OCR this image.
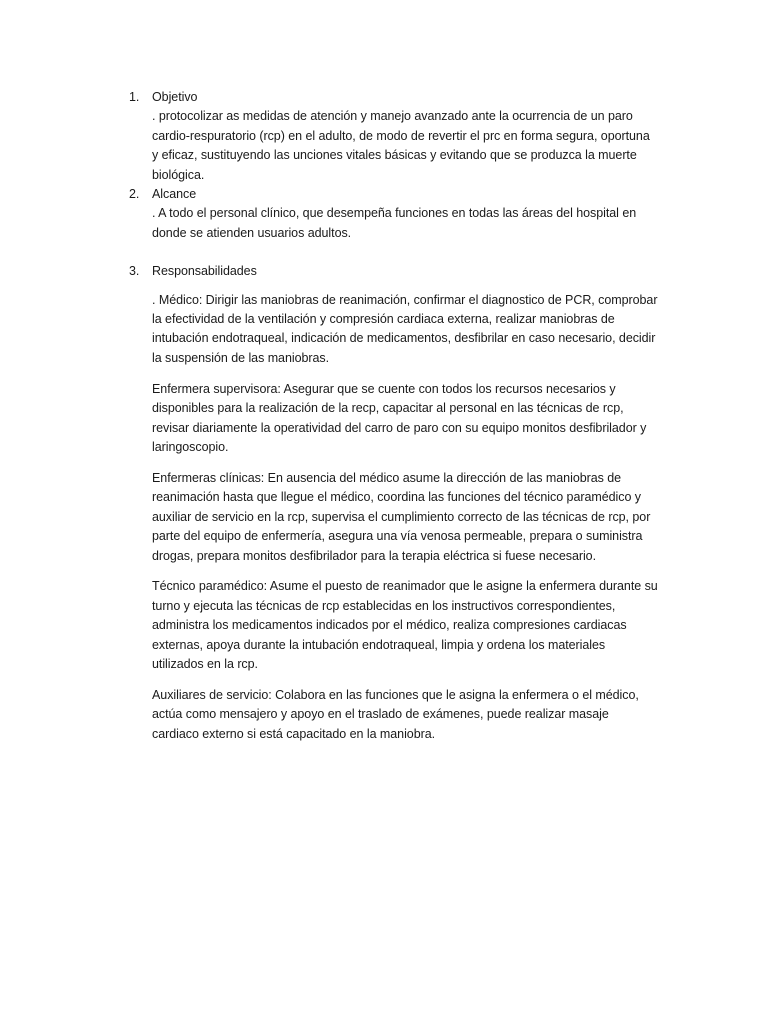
1. Objetivo

. protocolizar as medidas de atención y manejo avanzado ante la ocurrencia de un paro cardio-respuratorio (rcp) en el adulto, de modo de revertir el prc en forma segura, oportuna y eficaz, sustituyendo las unciones vitales básicas y evitando que se produzca la muerte biológica.

2. Alcance

. A todo el personal clínico, que desempeña funciones en todas las áreas del hospital en donde se atienden usuarios adultos.

3. Responsabilidades

. Médico: Dirigir las maniobras de reanimación, confirmar el diagnostico de PCR, comprobar la efectividad de la ventilación y compresión cardiaca externa, realizar maniobras de intubación endotraqueal, indicación de medicamentos, desfibrilar en caso necesario, decidir la suspensión de las maniobras.

Enfermera supervisora: Asegurar que se cuente con todos los recursos necesarios y disponibles para la realización de la recp, capacitar al personal en las técnicas de rcp, revisar diariamente la operatividad del carro de paro con su equipo monitos desfibrilador y laringoscopio.

Enfermeras clínicas: En ausencia del médico asume la dirección de las maniobras de reanimación hasta que llegue el médico, coordina las funciones del técnico paramédico y auxiliar de servicio en la rcp, supervisa el cumplimiento correcto de las técnicas de rcp, por parte del equipo de enfermería, asegura una vía venosa permeable, prepara o suministra drogas, prepara monitos desfibrilador para la terapia eléctrica si fuese necesario.

Técnico paramédico: Asume el puesto de reanimador que le asigne la enfermera durante su turno y ejecuta las técnicas de rcp establecidas en los instructivos correspondientes, administra los medicamentos indicados por el médico, realiza compresiones cardiacas externas, apoya durante la intubación endotraqueal, limpia y ordena los materiales utilizados en la rcp.

Auxiliares de servicio: Colabora en las funciones que le asigna la enfermera o el médico, actúa como mensajero y apoyo en el traslado de exámenes, puede realizar masaje cardiaco externo si está capacitado en la maniobra.
